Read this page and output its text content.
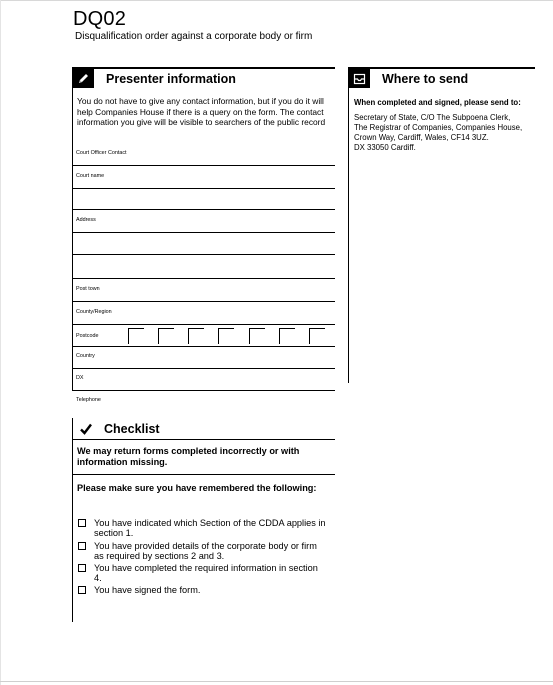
DQ02
Disqualification order against a corporate body or firm
Presenter information
You do not have to give any contact information, but if you do it will help Companies House if there is a query on the form. The contact information you give will be visible to searchers of the public record
Court Officer Contact
Court name
Address
Post town
County/Region
Postcode
Country
DX
Telephone
Where to send
When completed and signed, please send to:
Secretary of State, C/O The Subpoena Clerk,
The Registrar of Companies, Companies House,
Crown Way, Cardiff, Wales, CF14 3UZ.
DX 33050 Cardiff.
Checklist
We may return forms completed incorrectly or with information missing.
Please make sure you have remembered the following:
You have indicated which Section of the CDDA applies in section 1.
You have provided details of the corporate body or firm as required by sections 2 and 3.
You have completed the required information in section 4.
You have signed the form.
